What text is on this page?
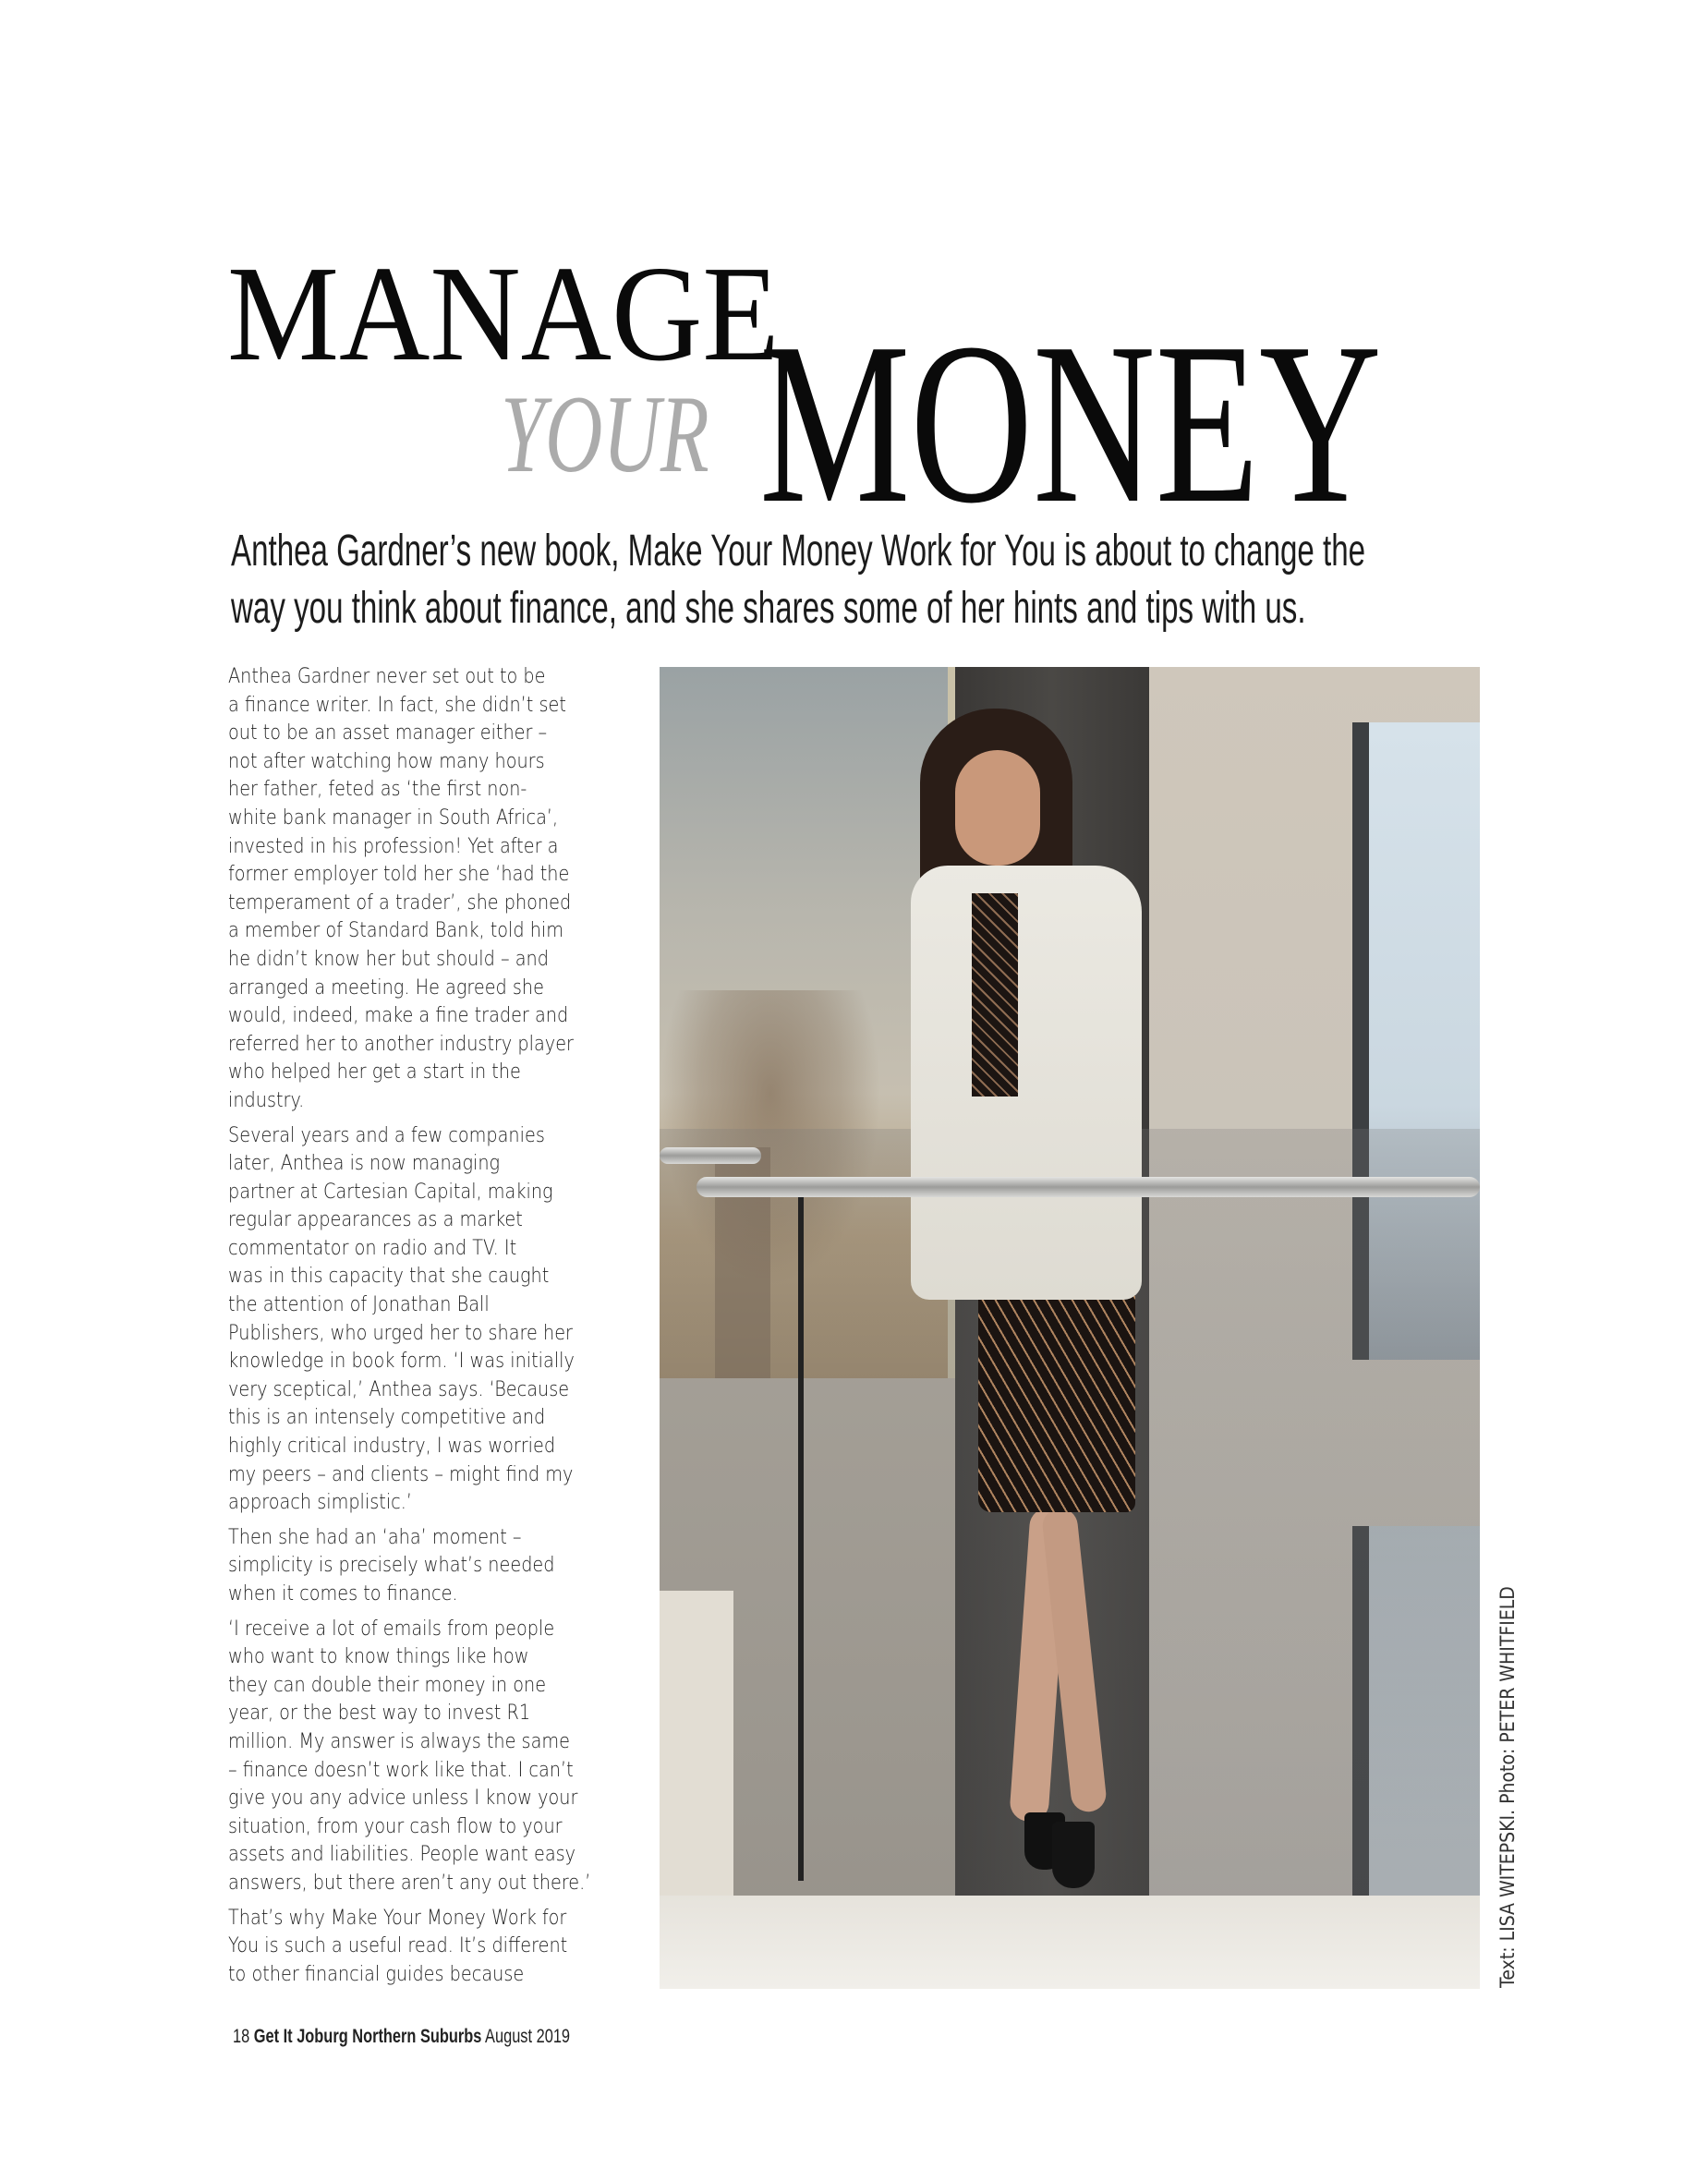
MANAGE
YOUR MONEY
Anthea Gardner’s new book, Make Your Money Work for You is about to change the
way you think about finance, and she shares some of her hints and tips with us.

Anthea Gardner never set out to be
a finance writer. In fact, she didn’t set
out to be an asset manager either –
not after watching how many hours
her father, feted as ‘the first non-
white bank manager in South Africa’,
invested in his profession! Yet after a
former employer told her she ‘had the
temperament of a trader’, she phoned
a member of Standard Bank, told him
he didn’t know her but should – and
arranged a meeting. He agreed she
would, indeed, make a fine trader and
referred her to another industry player
who helped her get a start in the
industry.

Several years and a few companies
later, Anthea is now managing
partner at Cartesian Capital, making
regular appearances as a market
commentator on radio and TV. It
was in this capacity that she caught
the attention of Jonathan Ball
Publishers, who urged her to share her
knowledge in book form. ‘I was initially
very sceptical,’ Anthea says. ‘Because
this is an intensely competitive and
highly critical industry, I was worried
my peers – and clients – might find my
approach simplistic.’

Then she had an ‘aha’ moment –
simplicity is precisely what’s needed
when it comes to finance.

‘I receive a lot of emails from people
who want to know things like how
they can double their money in one
year, or the best way to invest R1
million. My answer is always the same
– finance doesn’t work like that. I can’t
give you any advice unless I know your
situation, from your cash flow to your
assets and liabilities. People want easy
answers, but there aren’t any out there.’

That’s why Make Your Money Work for
You is such a useful read. It’s different
to other financial guides because	Text: LISA WITEPSKI. Photo: PETER WHITFIELD
18 Get It Joburg Northern Suburbs August 2019
